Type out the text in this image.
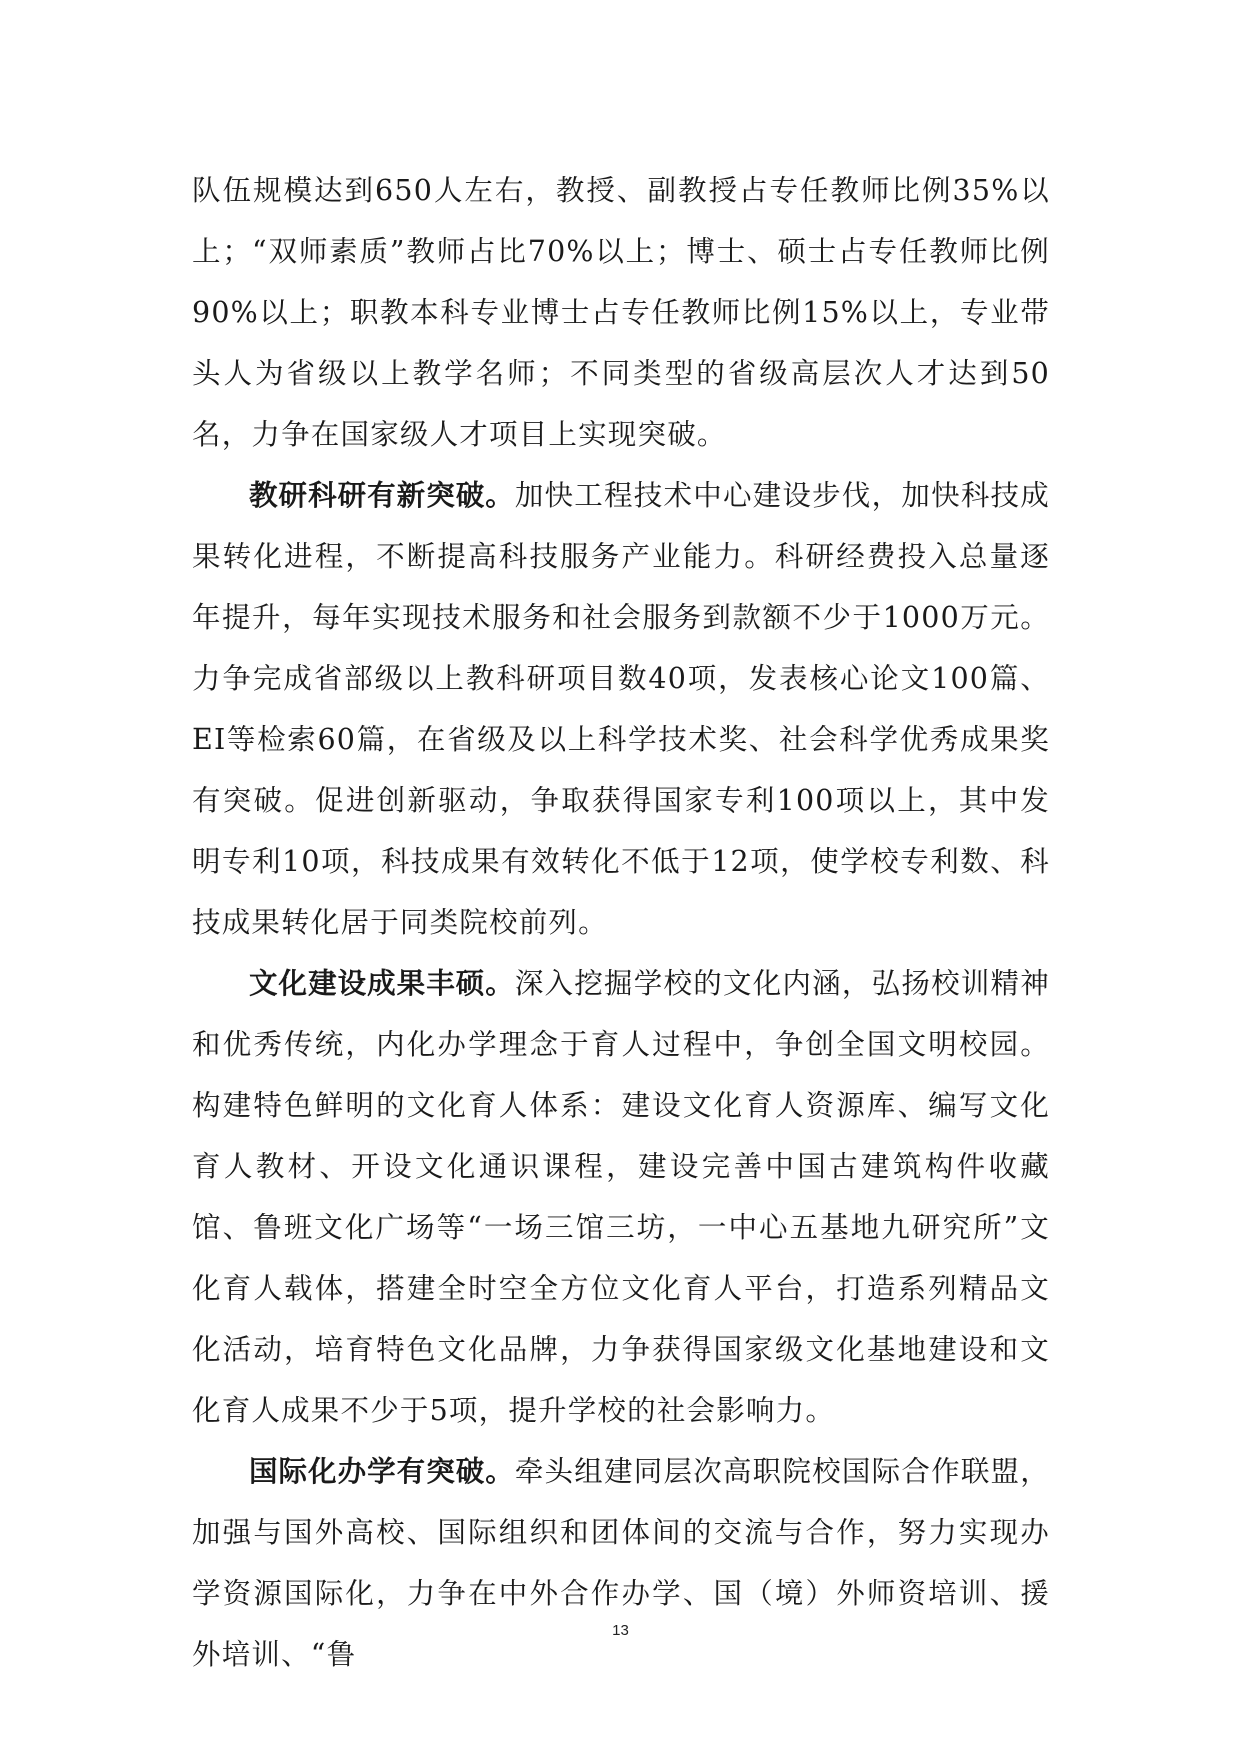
队伍规模达到650人左右，教授、副教授占专任教师比例35%以上；“双师素质”教师占比70%以上；博士、硕士占专任教师比例90%以上；职教本科专业博士占专任教师比例15%以上，专业带头人为省级以上教学名师；不同类型的省级高层次人才达到50名，力争在国家级人才项目上实现突破。

教研科研有新突破。加快工程技术中心建设步伐，加快科技成果转化进程，不断提高科技服务产业能力。科研经费投入总量逐年提升，每年实现技术服务和社会服务到款额不少于1000万元。力争完成省部级以上教科研项目数40项，发表核心论文100篇、EI等检索60篇，在省级及以上科学技术奖、社会科学优秀成果奖有突破。促进创新驱动，争取获得国家专利100项以上，其中发明专利10项，科技成果有效转化不低于12项，使学校专利数、科技成果转化居于同类院校前列。

文化建设成果丰硕。深入挖掘学校的文化内涵，弘扬校训精神和优秀传统，内化办学理念于育人过程中，争创全国文明校园。构建特色鲜明的文化育人体系：建设文化育人资源库、编写文化育人教材、开设文化通识课程，建设完善中国古建筑构件收藏馆、鲁班文化广场等“一场三馆三坊，一中心五基地九研究所”文化育人载体，搭建全时空全方位文化育人平台，打造系列精品文化活动，培育特色文化品牌，力争获得国家级文化基地建设和文化育人成果不少于5项，提升学校的社会影响力。

国际化办学有突破。牵头组建同层次高职院校国际合作联盟，加强与国外高校、国际组织和团体间的交流与合作，努力实现办学资源国际化，力争在中外合作办学、国（境）外师资培训、援外培训、“鲁

13
